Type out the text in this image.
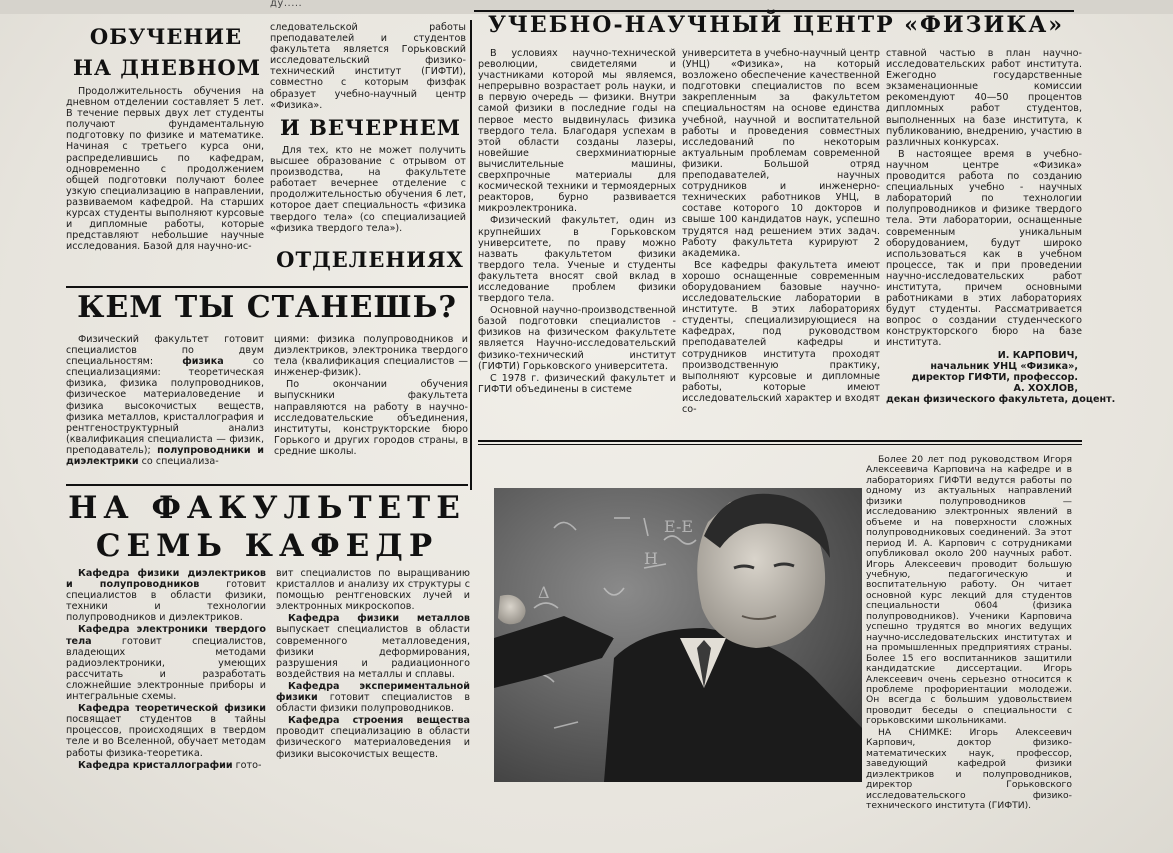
ду.....
ОБУЧЕНИЕ
НА ДНЕВНОМ

Продолжительность обучения на дневном отделении составляет 5 лет. В течение первых двух лет студенты получают фундаментальную подготовку по физике и математике. Начиная с третьего курса они, распределившись по кафедрам, одновременно с продолжением общей подготовки получают более узкую специализацию в направлении, развиваемом кафедрой. На старших курсах студенты выполняют курсовые и дипломные работы, которые представляют небольшие научные исследования. Базой для научно-ис-

следовательской работы преподавателей и студентов факультета является Горьковский исследовательский физико-технический институт (ГИФТИ), совместно с которым физфак образует учебно-научный центр «Физика».

И ВЕЧЕРНЕМ

Для тех, кто не может получить высшее образование с отрывом от производства, на факультете работает вечернее отделение с продолжительностью обучения 6 лет, которое дает специальность «физика твердого тела» (со специализацией «физика твердого тела»).

ОТДЕЛЕНИЯХ
КЕМ ТЫ СТАНЕШЬ?

Физический факультет готовит специалистов по двум специальностям:	физика со специализациями: теоретическая физика, физика полупроводников, физическое материаловедение и физика высокочистых веществ, физика металлов, кристаллография и рентгеноструктурный анализ (квалификация специалиста — физик, преподаватель); полупроводники и диэлектрики со специализа-

циями: физика полупроводников и диэлектриков, электроника твердого тела (квалификация специалистов — инженер-физик).

По окончании обучения выпускники факультета направляются на работу в научно-исследовательские объединения, институты, конструкторские бюро Горького и других городов страны, в средние школы.

НА ФАКУЛЬТЕТЕ
СЕМЬ КАФЕДР

Кафедра физики диэлектриков и полупроводников готовит специалистов в области физики, техники и технологии полупроводников и диэлектриков.

Кафедра электроники твердого тела готовит специалистов, владеющих методами радиоэлектроники, умеющих рассчитать и разработать сложнейшие электронные приборы и интегральные схемы.

Кафедра теоретической физики посвящает студентов в тайны процессов, происходящих в твердом теле и во Вселенной, обучает методам работы физика-теоретика.

Кафедра кристаллографии гото-

вит специалистов по выращиванию кристаллов и анализу их структуры с помощью рентгеновских лучей и электронных микроскопов.

Кафедра физики металлов выпускает специалистов в области современного металловедения, физики деформирования, разрушения и радиационного воздействия на металлы и сплавы.

Кафедра экспериментальной физики готовит специалистов в области физики полупроводников.

Кафедра строения вещества проводит специализацию в области физического материаловедения и физики высокочистых веществ.

УЧЕБНО-НАУЧНЫЙ ЦЕНТР «ФИЗИКА»

В условиях научно-технической революции, свидетелями и участниками которой мы являемся, непрерывно возрастает роль науки, и в первую очередь — физики. Внутри самой физики в последние годы на первое место выдвинулась физика твердого тела. Благодаря успехам в этой области созданы лазеры, новейшие сверхминиатюрные вычислительные машины, сверхпрочные материалы для космической техники и термоядерных реакторов, бурно развивается микроэлектроника.

Физический факультет, один из крупнейших в Горьковском университете, по праву можно назвать факультетом физики твердого тела. Ученые и студенты факультета вносят свой вклад в исследование проблем физики твердого тела.

Основной научно-производственной базой подготовки специалистов - физиков на физическом факультете является Научно-исследовательский физико-технический институт (ГИФТИ) Горьковского университета.

С 1978 г. физический факультет и ГИФТИ объединены в системе

университета в учебно-научный центр (УНЦ) «Физика», на который возложено обеспечение качественной подготовки специалистов по всем закрепленным за факультетом специальностям на основе единства учебной, научной и воспитательной работы и проведения совместных исследований по некоторым актуальным проблемам современной физики. Большой отряд преподавателей, научных сотрудников и инженерно-технических работников УНЦ, в составе которого 10 докторов и свыше 100 кандидатов наук, успешно трудятся над решением этих задач. Работу факультета курируют 2 академика.

Все кафедры факультета имеют хорошо оснащенные современным оборудованием базовые научно-исследовательские лаборатории в институте. В этих лабораториях студенты, специализирующиеся на кафедрах, под руководством преподавателей кафедры и сотрудников института проходят производственную практику, выполняют курсовые и дипломные работы, которые имеют исследовательский характер и входят со-

ставной частью в план научно-исследовательских работ института. Ежегодно государственные экзаменационные комиссии рекомендуют 40—50 процентов дипломных работ студентов, выполненных на базе института, к публикованию, внедрению, участию в различных конкурсах.

В настоящее время в учебно-научном центре «Физика» проводится работа по созданию специальных учебно - научных лабораторий по технологии полупроводников и физике твердого тела. Эти лаборатории, оснащенные современным уникальным оборудованием, будут широко использоваться как в учебном процессе, так и при проведении научно-исследовательских работ института, причем основными работниками в этих лабораториях будут студенты. Рассматривается вопрос о создании студенческого конструкторского бюро на базе института.

И. КАРПОВИЧ,
начальник УНЦ «Физика»,
директор ГИФТИ, профессор.
А. ХОХЛОВ,
декан физического факультета, доцент.
E-E
H
Δ

Более 20 лет под руководством Игоря Алексеевича Карповича на кафедре и в лабораториях ГИФТИ ведутся работы по одному из актуальных направлений физики полупроводников — исследованию электронных явлений в объеме и на поверхности сложных полупроводниковых соединений. За этот период И. А. Карпович с сотрудниками опубликовал около 200 научных работ. Игорь Алексеевич проводит большую учебную, педагогическую и воспитательную работу. Он читает основной курс лекций для студентов специальности 0604 (физика полупроводников). Ученики Карповича успешно трудятся во многих ведущих научно-исследовательских институтах и на промышленных предприятиях страны. Более 15 его воспитанников защитили кандидатские диссертации. Игорь Алексеевич очень серьезно относится к проблеме профориентации молодежи. Он всегда с большим удовольствием проводит беседы о специальности с горьковскими школьниками.

НА СНИМКЕ: Игорь Алексеевич Карпович, доктор физико-математических наук, профессор, заведующий кафедрой физики диэлектриков и полупроводников, директор Горьковского исследовательского физико-технического института (ГИФТИ).
